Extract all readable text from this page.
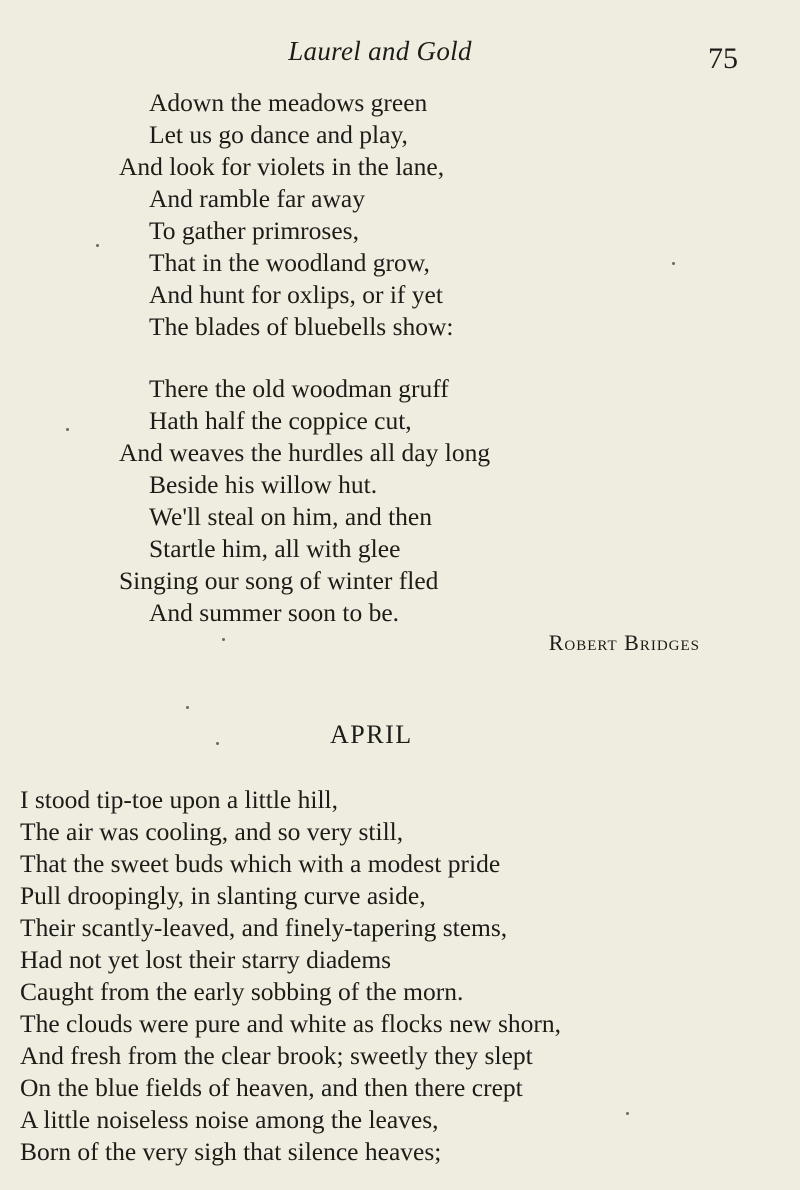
Laurel and Gold	75
Adown the meadows green
Let us go dance and play,
And look for violets in the lane,
And ramble far away
To gather primroses,
That in the woodland grow,
And hunt for oxlips, or if yet
The blades of bluebells show:
There the old woodman gruff
Hath half the coppice cut,
And weaves the hurdles all day long
Beside his willow hut.
We'll steal on him, and then
Startle him, all with glee
Singing our song of winter fled
And summer soon to be.
Robert Bridges
APRIL
I stood tip-toe upon a little hill,
The air was cooling, and so very still,
That the sweet buds which with a modest pride
Pull droopingly, in slanting curve aside,
Their scantly-leaved, and finely-tapering stems,
Had not yet lost their starry diadems
Caught from the early sobbing of the morn.
The clouds were pure and white as flocks new shorn,
And fresh from the clear brook; sweetly they slept
On the blue fields of heaven, and then there crept
A little noiseless noise among the leaves,
Born of the very sigh that silence heaves;
